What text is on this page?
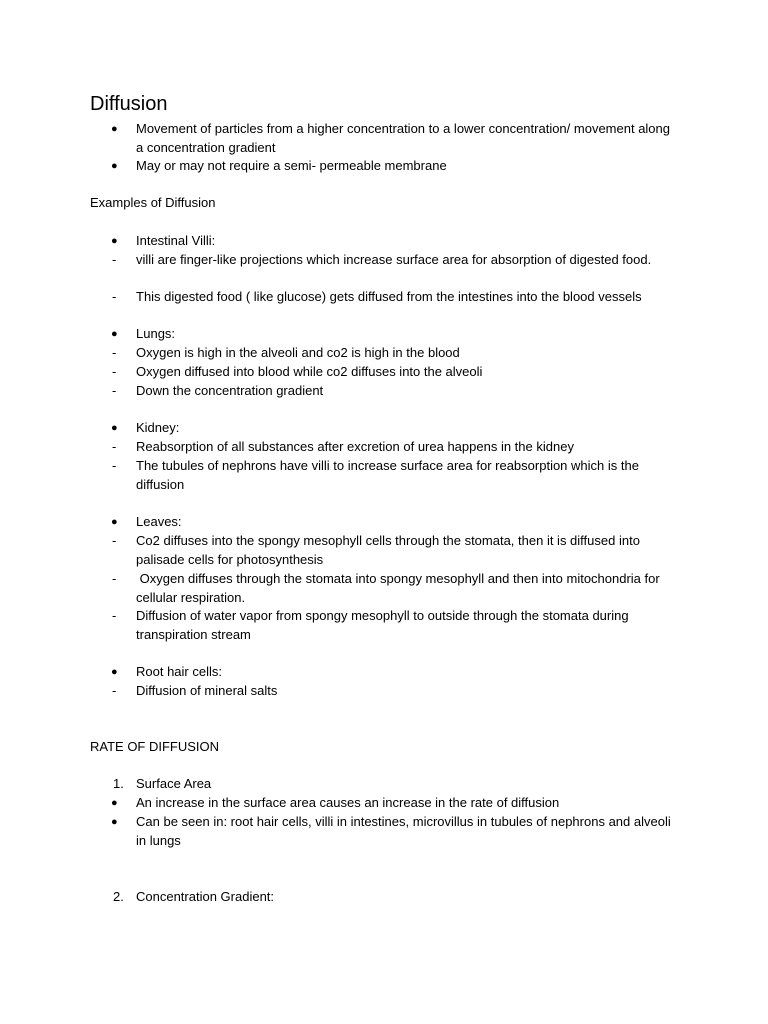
Diffusion

●	Movement of particles from a higher concentration to a lower concentration/ movement along a concentration gradient

●	May or may not require a semi- permeable membrane

Examples of Diffusion

●	Intestinal Villi:

-	villi are finger-like projections which increase surface area for absorption of digested food.

-	This digested food ( like glucose) gets diffused from the intestines into the blood vessels

●	Lungs:

-	Oxygen is high in the alveoli and co2 is high in the blood

-	Oxygen diffused into blood while co2 diffuses into the alveoli

-	Down the concentration gradient

●	Kidney:

-	Reabsorption of all substances after excretion of urea happens in the kidney

-	The tubules of nephrons have villi to increase surface area for reabsorption which is the diffusion

●	Leaves:

-	Co2 diffuses into the spongy mesophyll cells through the stomata, then it is diffused into palisade cells for photosynthesis

-	Oxygen diffuses through the stomata into spongy mesophyll and then into mitochondria for cellular respiration.

-	Diffusion of water vapor from spongy mesophyll to outside through the stomata during transpiration stream

●	Root hair cells:

-	Diffusion of mineral salts

RATE OF DIFFUSION

1. Surface Area

●	An increase in the surface area causes an increase in the rate of diffusion

●	Can be seen in: root hair cells, villi in intestines, microvillus in tubules of nephrons and alveoli in lungs

2. Concentration Gradient:
